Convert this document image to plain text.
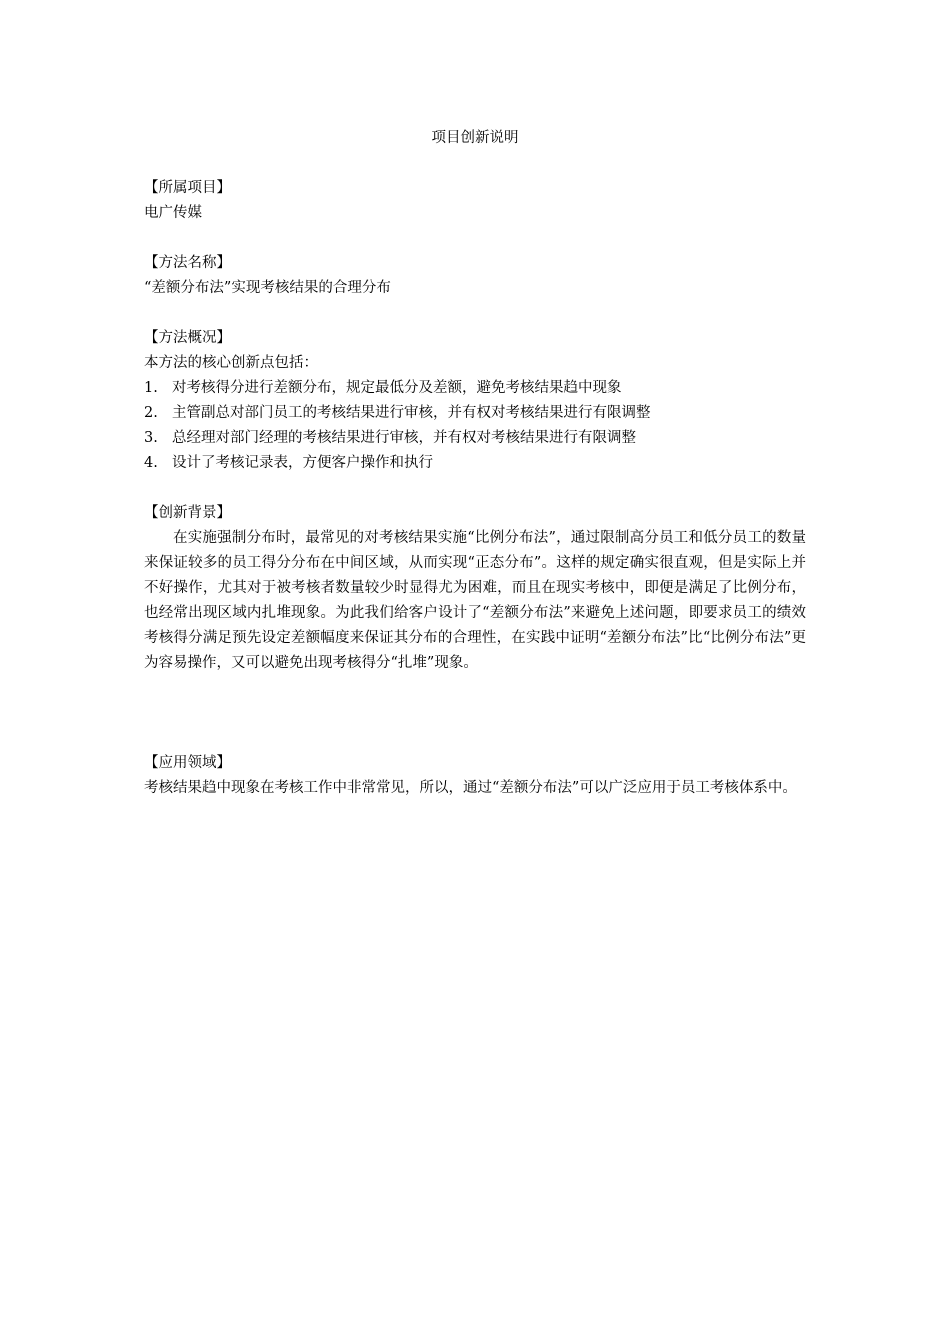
项目创新说明
【所属项目】
电广传媒
【方法名称】
“差额分布法”实现考核结果的合理分布
【方法概况】
本方法的核心创新点包括：
1. 对考核得分进行差额分布，规定最低分及差额，避免考核结果趋中现象
2. 主管副总对部门员工的考核结果进行审核，并有权对考核结果进行有限调整
3. 总经理对部门经理的考核结果进行审核，并有权对考核结果进行有限调整
4. 设计了考核记录表，方便客户操作和执行
【创新背景】

在实施强制分布时，最常见的对考核结果实施“比例分布法”，通过限制高分员工和低分员工的数量来保证较多的员工得分分布在中间区域，从而实现“正态分布”。这样的规定确实很直观，但是实际上并不好操作，尤其对于被考核者数量较少时显得尤为困难，而且在现实考核中，即便是满足了比例分布，也经常出现区域内扎堆现象。为此我们给客户设计了“差额分布法”来避免上述问题，即要求员工的绩效考核得分满足预先设定差额幅度来保证其分布的合理性，在实践中证明“差额分布法”比“比例分布法”更为容易操作，又可以避免出现考核得分“扎堆”现象。

【应用领域】

考核结果趋中现象在考核工作中非常常见，所以，通过“差额分布法”可以广泛应用于员工考核体系中。
